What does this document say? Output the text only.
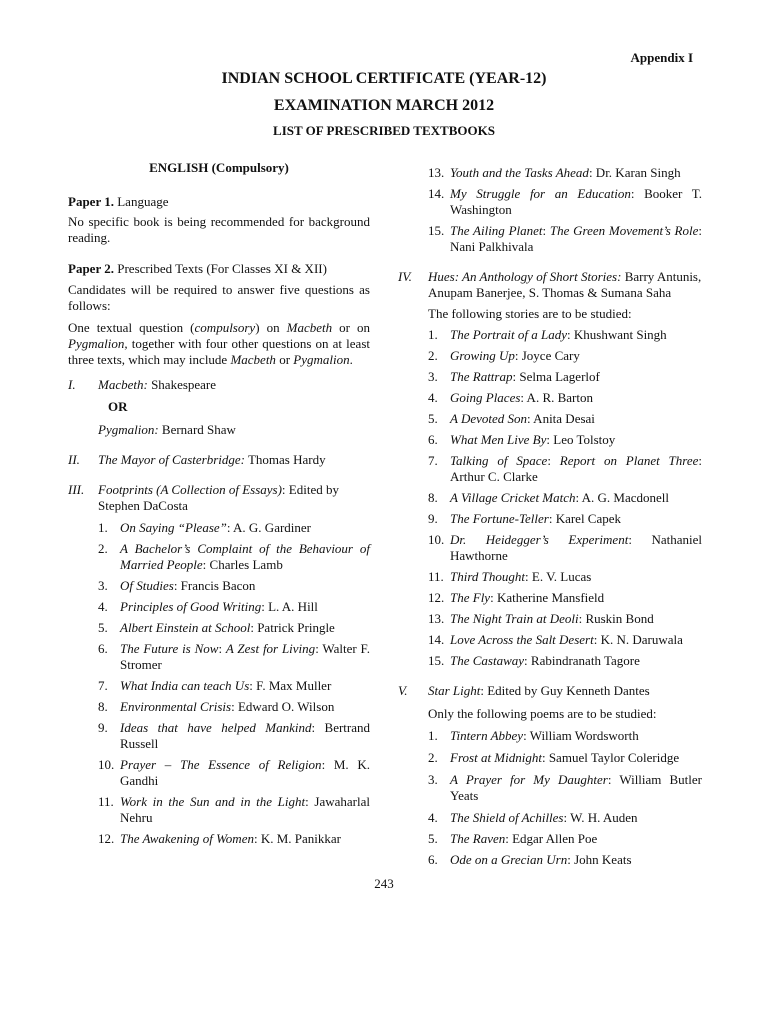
Appendix I
INDIAN SCHOOL CERTIFICATE (YEAR-12)
EXAMINATION MARCH 2012
LIST OF PRESCRIBED TEXTBOOKS
ENGLISH (Compulsory)

Paper 1. Language

No specific book is being recommended for background reading.

Paper 2. Prescribed Texts (For Classes XI & XII)

Candidates will be required to answer five questions as follows:

One textual question (compulsory) on Macbeth or on Pygmalion, together with four other questions on at least three texts, which may include Macbeth or Pygmalion.

I.	Macbeth: Shakespeare
OR
Pygmalion: Bernard Shaw
II.	The Mayor of Casterbridge: Thomas Hardy
III.	Footprints (A Collection of Essays): Edited by Stephen DaCosta
1. On Saying “Please”: A. G. Gardiner
2. A Bachelor’s Complaint of the Behaviour of Married People: Charles Lamb
3. Of Studies: Francis Bacon
4. Principles of Good Writing: L. A. Hill
5. Albert Einstein at School: Patrick Pringle
6. The Future is Now: A Zest for Living: Walter F. Stromer
7. What India can teach Us: F. Max Muller
8. Environmental Crisis: Edward O. Wilson
9. Ideas that have helped Mankind: Bertrand Russell
10. Prayer – The Essence of Religion: M. K. Gandhi
11. Work in the Sun and in the Light: Jawaharlal Nehru
12. The Awakening of Women: K. M. Panikkar
13. Youth and the Tasks Ahead: Dr. Karan Singh
14. My Struggle for an Education: Booker T. Washington
15. The Ailing Planet: The Green Movement’s Role: Nani Palkhivala
IV.	Hues: An Anthology of Short Stories: Barry Antunis, Anupam Banerjee, S. Thomas & Sumana Saha
The following stories are to be studied:
1. The Portrait of a Lady: Khushwant Singh
2. Growing Up: Joyce Cary
3. The Rattrap: Selma Lagerlof
4. Going Places: A. R. Barton
5. A Devoted Son: Anita Desai
6. What Men Live By: Leo Tolstoy
7. Talking of Space: Report on Planet Three: Arthur C. Clarke
8. A Village Cricket Match: A. G. Macdonell
9. The Fortune-Teller: Karel Capek
10. Dr. Heidegger’s Experiment: Nathaniel Hawthorne
11. Third Thought: E. V. Lucas
12. The Fly: Katherine Mansfield
13. The Night Train at Deoli: Ruskin Bond
14. Love Across the Salt Desert: K. N. Daruwala
15. The Castaway: Rabindranath Tagore
V.	Star Light: Edited by Guy Kenneth Dantes
Only the following poems are to be studied:
1. Tintern Abbey: William Wordsworth
2. Frost at Midnight: Samuel Taylor Coleridge
3. A Prayer for My Daughter: William Butler Yeats
4. The Shield of Achilles: W. H. Auden
5. The Raven: Edgar Allen Poe
6. Ode on a Grecian Urn: John Keats
243
